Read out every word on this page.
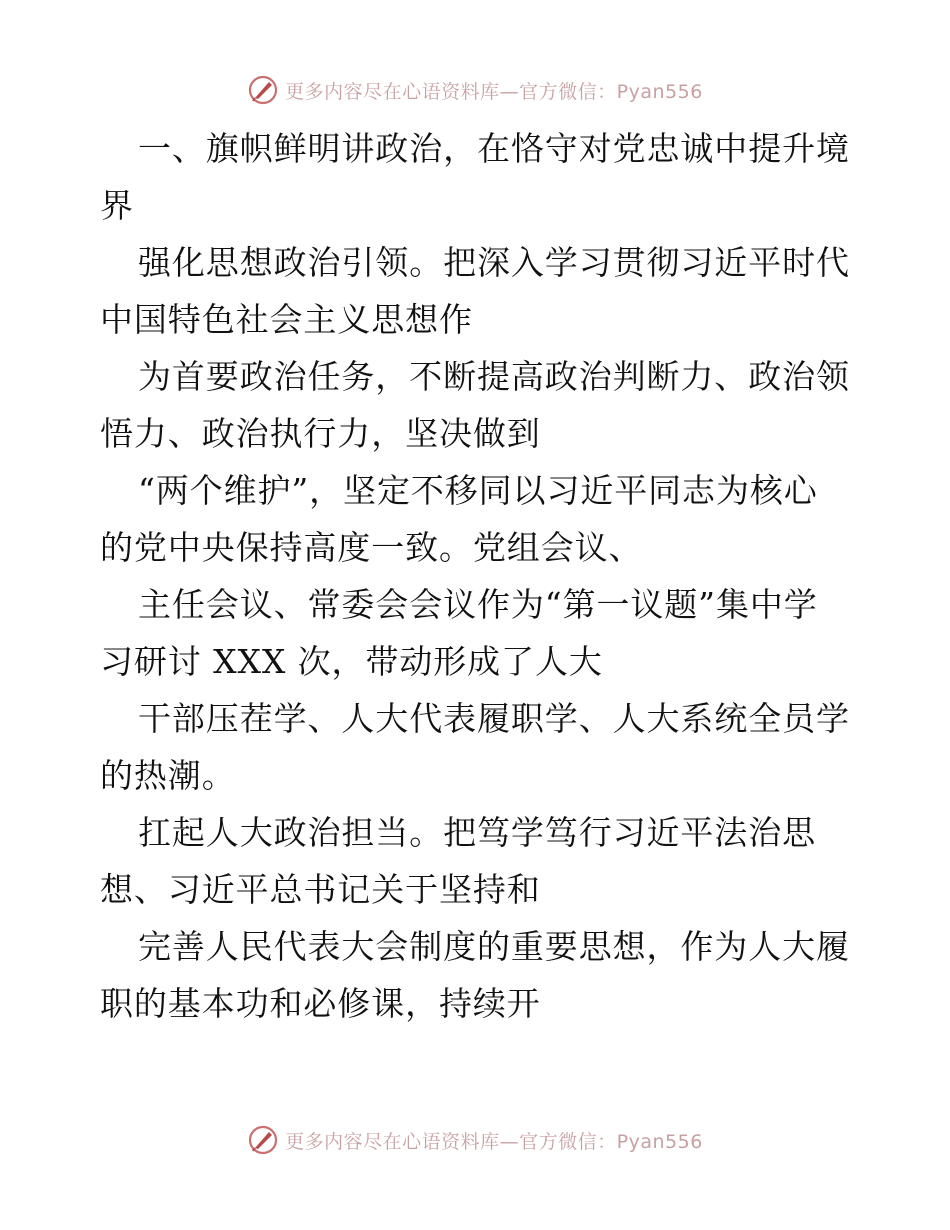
更多内容尽在心语资料库—官方微信：Pyan556

一、旗帜鲜明讲政治，在恪守对党忠诚中提升境
界

强化思想政治引领。把深入学习贯彻习近平时代
中国特色社会主义思想作

为首要政治任务，不断提高政治判断力、政治领
悟力、政治执行力，坚决做到

“两个维护”，坚定不移同以习近平同志为核心
的党中央保持高度一致。党组会议、

主任会议、常委会会议作为“第一议题”集中学
习研讨 XXX 次，带动形成了人大

干部压茬学、人大代表履职学、人大系统全员学
的热潮。

扛起人大政治担当。把笃学笃行习近平法治思
想、习近平总书记关于坚持和

完善人民代表大会制度的重要思想，作为人大履
职的基本功和必修课，持续开

更多内容尽在心语资料库—官方微信：Pyan556
